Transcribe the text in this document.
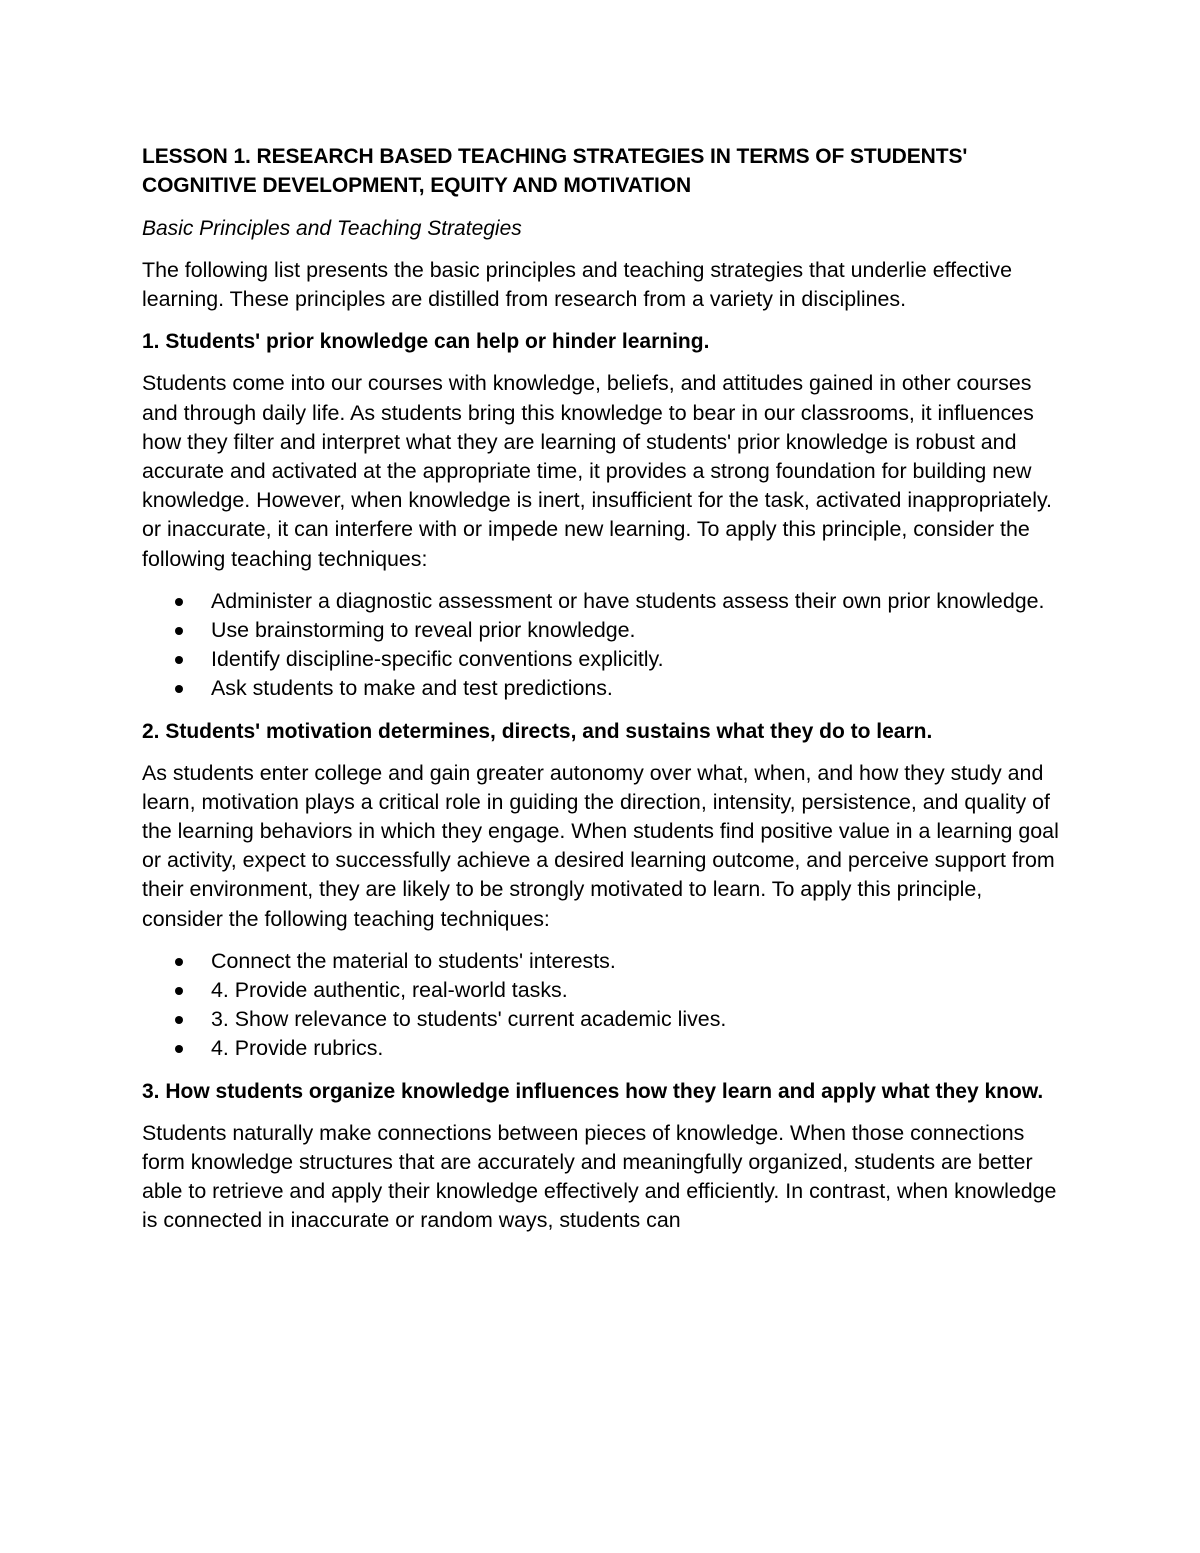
LESSON 1. RESEARCH BASED TEACHING STRATEGIES IN TERMS OF STUDENTS' COGNITIVE DEVELOPMENT, EQUITY AND MOTIVATION
Basic Principles and Teaching Strategies
The following list presents the basic principles and teaching strategies that underlie effective learning. These principles are distilled from research from a variety in disciplines.
1. Students' prior knowledge can help or hinder learning.
Students come into our courses with knowledge, beliefs, and attitudes gained in other courses and through daily life. As students bring this knowledge to bear in our classrooms, it influences how they filter and interpret what they are learning of students' prior knowledge is robust and accurate and activated at the appropriate time, it provides a strong foundation for building new knowledge. However, when knowledge is inert, insufficient for the task, activated inappropriately. or inaccurate, it can interfere with or impede new learning. To apply this principle, consider the following teaching techniques:
Administer a diagnostic assessment or have students assess their own prior knowledge.
Use brainstorming to reveal prior knowledge.
Identify discipline-specific conventions explicitly.
Ask students to make and test predictions.
2. Students' motivation determines, directs, and sustains what they do to learn.
As students enter college and gain greater autonomy over what, when, and how they study and learn, motivation plays a critical role in guiding the direction, intensity, persistence, and quality of the learning behaviors in which they engage. When students find positive value in a learning goal or activity, expect to successfully achieve a desired learning outcome, and perceive support from their environment, they are likely to be strongly motivated to learn. To apply this principle, consider the following teaching techniques:
Connect the material to students' interests.
4. Provide authentic, real-world tasks.
3. Show relevance to students' current academic lives.
4. Provide rubrics.
3. How students organize knowledge influences how they learn and apply what they know.
Students naturally make connections between pieces of knowledge. When those connections form knowledge structures that are accurately and meaningfully organized, students are better able to retrieve and apply their knowledge effectively and efficiently. In contrast, when knowledge is connected in inaccurate or random ways, students can
